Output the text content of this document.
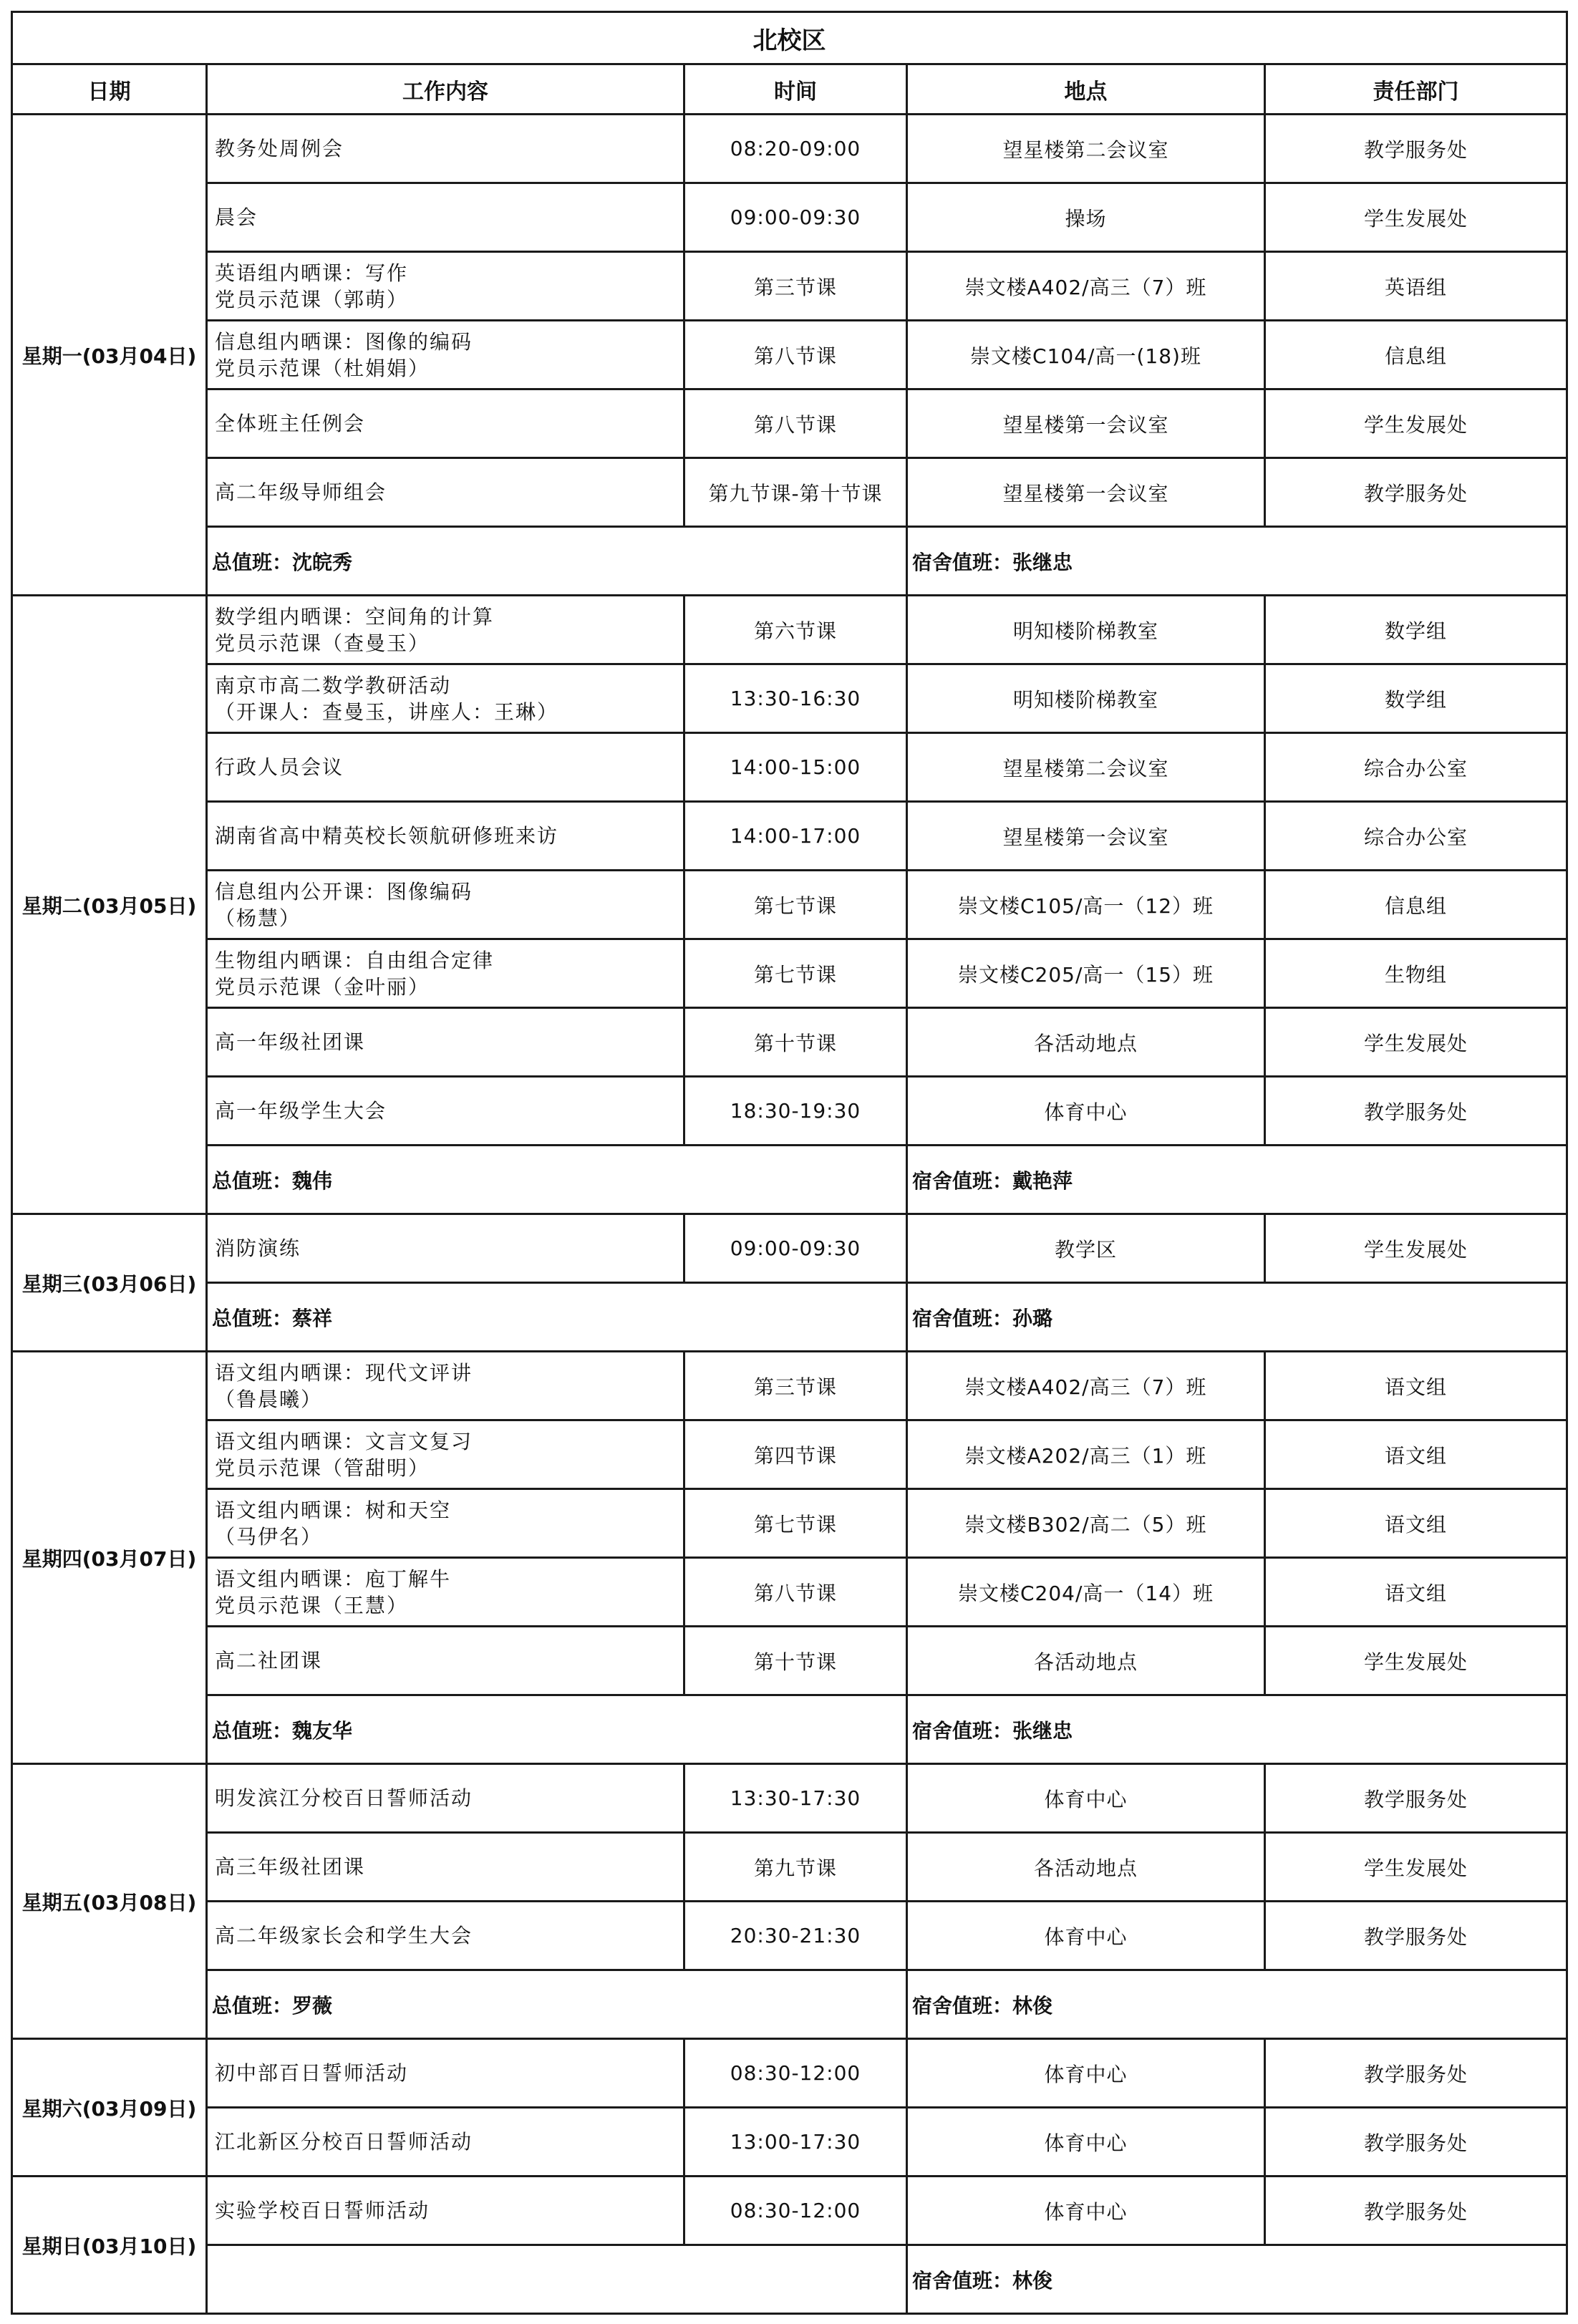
北校区				
日期	工作内容	时间	地点	责任部门
星期一(03月04日)	教务处周例会	08:20-09:00	望星楼第二会议室	教学服务处

	晨会	09:00-09:30	操场	学生发展处

	英语组内晒课：写作
党员示范课（郭萌）	第三节课	崇文楼A402/高三（7）班	英语组

	信息组内晒课：图像的编码
党员示范课（杜娟娟）	第八节课	崇文楼C104/高一(18)班	信息组

	全体班主任例会	第八节课	望星楼第一会议室	学生发展处

	高二年级导师组会	第九节课-第十节课	望星楼第一会议室	教学服务处
	总值班：沈皖秀		宿舍值班：张继忠	
星期二(03月05日)	数学组内晒课：空间角的计算
党员示范课（查曼玉）	第六节课	明知楼阶梯教室	数学组

	南京市高二数学教研活动
（开课人：查曼玉，讲座人：王琳）	13:30-16:30	明知楼阶梯教室	数学组

	行政人员会议	14:00-15:00	望星楼第二会议室	综合办公室

	湖南省高中精英校长领航研修班来访	14:00-17:00	望星楼第一会议室	综合办公室

	信息组内公开课：图像编码
（杨慧）	第七节课	崇文楼C105/高一（12）班	信息组

	生物组内晒课：自由组合定律
党员示范课（金叶丽）	第七节课	崇文楼C205/高一（15）班	生物组

	高一年级社团课	第十节课	各活动地点	学生发展处

	高一年级学生大会	18:30-19:30	体育中心	教学服务处
	总值班：魏伟		宿舍值班：戴艳萍	
星期三(03月06日)	消防演练	09:00-09:30	教学区	学生发展处
	总值班：蔡祥		宿舍值班：孙璐	
星期四(03月07日)	语文组内晒课：现代文评讲
（鲁晨曦）	第三节课	崇文楼A402/高三（7）班	语文组

	语文组内晒课：文言文复习
党员示范课（管甜明）	第四节课	崇文楼A202/高三（1）班	语文组

	语文组内晒课：树和天空
（马伊名）	第七节课	崇文楼B302/高二（5）班	语文组

	语文组内晒课：庖丁解牛
党员示范课（王慧）	第八节课	崇文楼C204/高一（14）班	语文组

	高二社团课	第十节课	各活动地点	学生发展处
	总值班：魏友华		宿舍值班：张继忠	
星期五(03月08日)	明发滨江分校百日誓师活动	13:30-17:30	体育中心	教学服务处

	高三年级社团课	第九节课	各活动地点	学生发展处

	高二年级家长会和学生大会	20:30-21:30	体育中心	教学服务处
	总值班：罗薇		宿舍值班：林俊	
星期六(03月09日)	初中部百日誓师活动	08:30-12:00	体育中心	教学服务处

	江北新区分校百日誓师活动	13:00-17:30	体育中心	教学服务处
星期日(03月10日)	实验学校百日誓师活动	08:30-12:00	体育中心	教学服务处
			宿舍值班：林俊	
